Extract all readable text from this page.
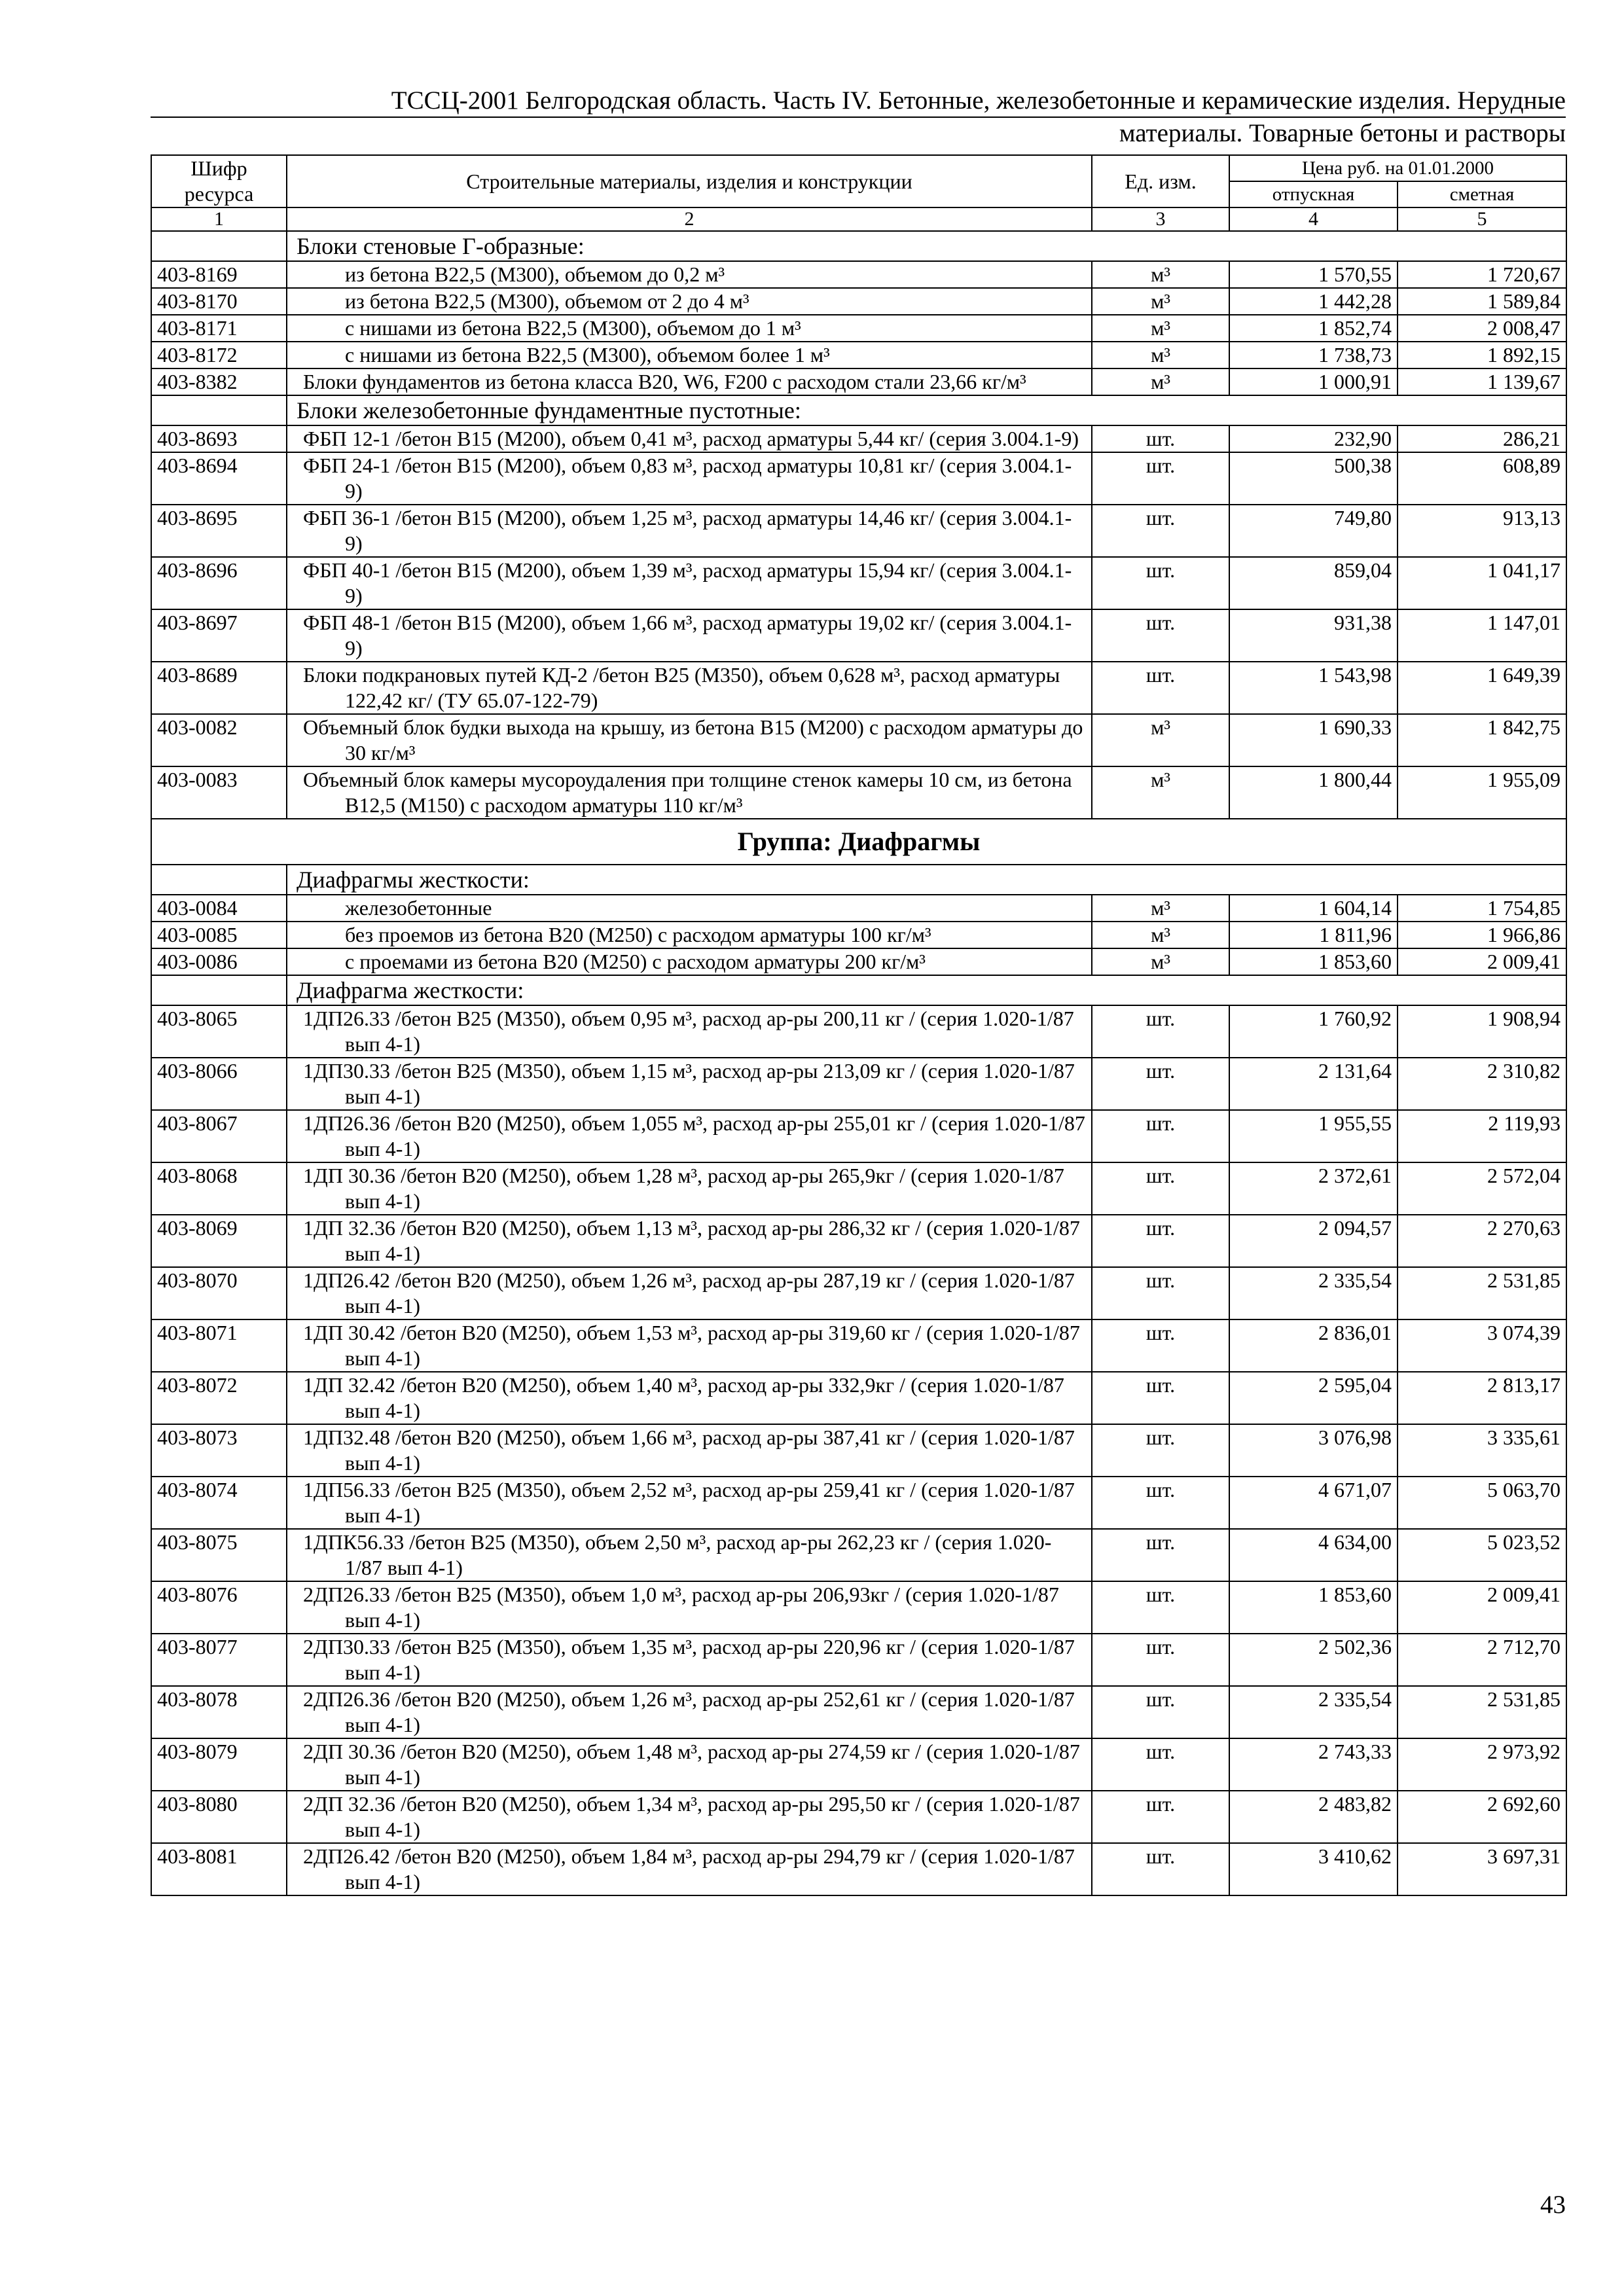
ТССЦ-2001 Белгородская область. Часть IV. Бетонные, железобетонные и керамические изделия. Нерудные
материалы. Товарные бетоны и растворы
Шифр ресурса	Строительные материалы, изделия и конструкции	Ед. изм.	Цена руб. на 01.01.2000	
			отпускная	сметная
1	2	3	4	5
	Блоки стеновые Г-образные:			
403-8169	из бетона В22,5 (М300), объемом до 0,2 м³	м³	1 570,55	1 720,67
403-8170	из бетона В22,5 (М300), объемом от 2 до 4 м³	м³	1 442,28	1 589,84
403-8171	с нишами из бетона В22,5 (М300), объемом до 1 м³	м³	1 852,74	2 008,47
403-8172	с нишами из бетона В22,5 (М300), объемом более 1 м³	м³	1 738,73	1 892,15
403-8382	Блоки фундаментов из бетона класса В20, W6, F200 с расходом стали 23,66 кг/м³	м³	1 000,91	1 139,67
	Блоки железобетонные фундаментные пустотные:			
403-8693	ФБП 12-1 /бетон В15 (М200), объем 0,41 м³, расход арматуры 5,44 кг/ (серия 3.004.1-9)	шт.	232,90	286,21
403-8694	ФБП 24-1 /бетон В15 (М200), объем 0,83 м³, расход арматуры 10,81 кг/ (серия 3.004.1-9)	шт.	500,38	608,89
403-8695	ФБП 36-1 /бетон В15 (М200), объем 1,25 м³, расход арматуры 14,46 кг/ (серия 3.004.1-9)	шт.	749,80	913,13
403-8696	ФБП 40-1 /бетон В15 (М200), объем 1,39 м³, расход арматуры 15,94 кг/ (серия 3.004.1-9)	шт.	859,04	1 041,17
403-8697	ФБП 48-1 /бетон В15 (М200), объем 1,66 м³, расход арматуры 19,02 кг/ (серия 3.004.1-9)	шт.	931,38	1 147,01
403-8689	Блоки подкрановых путей КД-2 /бетон В25 (М350), объем 0,628 м³, расход арматуры 122,42 кг/ (ТУ 65.07-122-79)	шт.	1 543,98	1 649,39
403-0082	Объемный блок будки выхода на крышу, из бетона В15 (М200) с расходом арматуры до 30 кг/м³	м³	1 690,33	1 842,75
403-0083	Объемный блок камеры мусороудаления при толщине стенок камеры 10 см, из бетона В12,5 (М150) с расходом арматуры 110 кг/м³	м³	1 800,44	1 955,09
Группа: Диафрагмы				
	Диафрагмы жесткости:			
403-0084	железобетонные	м³	1 604,14	1 754,85
403-0085	без проемов из бетона В20 (М250) с расходом арматуры 100 кг/м³	м³	1 811,96	1 966,86
403-0086	с проемами из бетона В20 (М250) с расходом арматуры 200 кг/м³	м³	1 853,60	2 009,41
	Диафрагма жесткости:			
403-8065	1ДП26.33 /бетон В25 (М350), объем 0,95 м³, расход ар-ры 200,11 кг / (серия 1.020-1/87 вып 4-1)	шт.	1 760,92	1 908,94
403-8066	1ДП30.33 /бетон В25 (М350), объем 1,15 м³, расход ар-ры 213,09 кг / (серия 1.020-1/87 вып 4-1)	шт.	2 131,64	2 310,82
403-8067	1ДП26.36 /бетон В20 (М250), объем 1,055 м³, расход ар-ры 255,01 кг / (серия 1.020-1/87 вып 4-1)	шт.	1 955,55	2 119,93
403-8068	1ДП 30.36 /бетон В20 (М250), объем 1,28 м³, расход ар-ры 265,9кг / (серия 1.020-1/87 вып 4-1)	шт.	2 372,61	2 572,04
403-8069	1ДП 32.36 /бетон В20 (М250), объем 1,13 м³, расход ар-ры 286,32 кг / (серия 1.020-1/87 вып 4-1)	шт.	2 094,57	2 270,63
403-8070	1ДП26.42 /бетон В20 (М250), объем 1,26 м³, расход ар-ры 287,19 кг / (серия 1.020-1/87 вып 4-1)	шт.	2 335,54	2 531,85
403-8071	1ДП 30.42 /бетон В20 (М250), объем 1,53 м³, расход ар-ры 319,60 кг / (серия 1.020-1/87 вып 4-1)	шт.	2 836,01	3 074,39
403-8072	1ДП 32.42 /бетон В20 (М250), объем 1,40 м³, расход ар-ры 332,9кг / (серия 1.020-1/87 вып 4-1)	шт.	2 595,04	2 813,17
403-8073	1ДП32.48 /бетон В20 (М250), объем 1,66 м³, расход ар-ры 387,41 кг / (серия 1.020-1/87 вып 4-1)	шт.	3 076,98	3 335,61
403-8074	1ДП56.33 /бетон В25 (М350), объем 2,52 м³, расход ар-ры 259,41 кг / (серия 1.020-1/87 вып 4-1)	шт.	4 671,07	5 063,70
403-8075	1ДПК56.33 /бетон В25 (М350), объем 2,50 м³, расход ар-ры 262,23 кг / (серия 1.020-1/87 вып 4-1)	шт.	4 634,00	5 023,52
403-8076	2ДП26.33 /бетон В25 (М350), объем 1,0 м³, расход ар-ры 206,93кг / (серия 1.020-1/87 вып 4-1)	шт.	1 853,60	2 009,41
403-8077	2ДП30.33 /бетон В25 (М350), объем 1,35 м³, расход ар-ры 220,96 кг / (серия 1.020-1/87 вып 4-1)	шт.	2 502,36	2 712,70
403-8078	2ДП26.36 /бетон В20 (М250), объем 1,26 м³, расход ар-ры 252,61 кг / (серия 1.020-1/87 вып 4-1)	шт.	2 335,54	2 531,85
403-8079	2ДП 30.36 /бетон В20 (М250), объем 1,48 м³, расход ар-ры 274,59 кг / (серия 1.020-1/87 вып 4-1)	шт.	2 743,33	2 973,92
403-8080	2ДП 32.36 /бетон В20 (М250), объем 1,34 м³, расход ар-ры 295,50 кг / (серия 1.020-1/87 вып 4-1)	шт.	2 483,82	2 692,60
403-8081	2ДП26.42 /бетон В20 (М250), объем 1,84 м³, расход ар-ры 294,79 кг / (серия 1.020-1/87 вып 4-1)	шт.	3 410,62	3 697,31
43
